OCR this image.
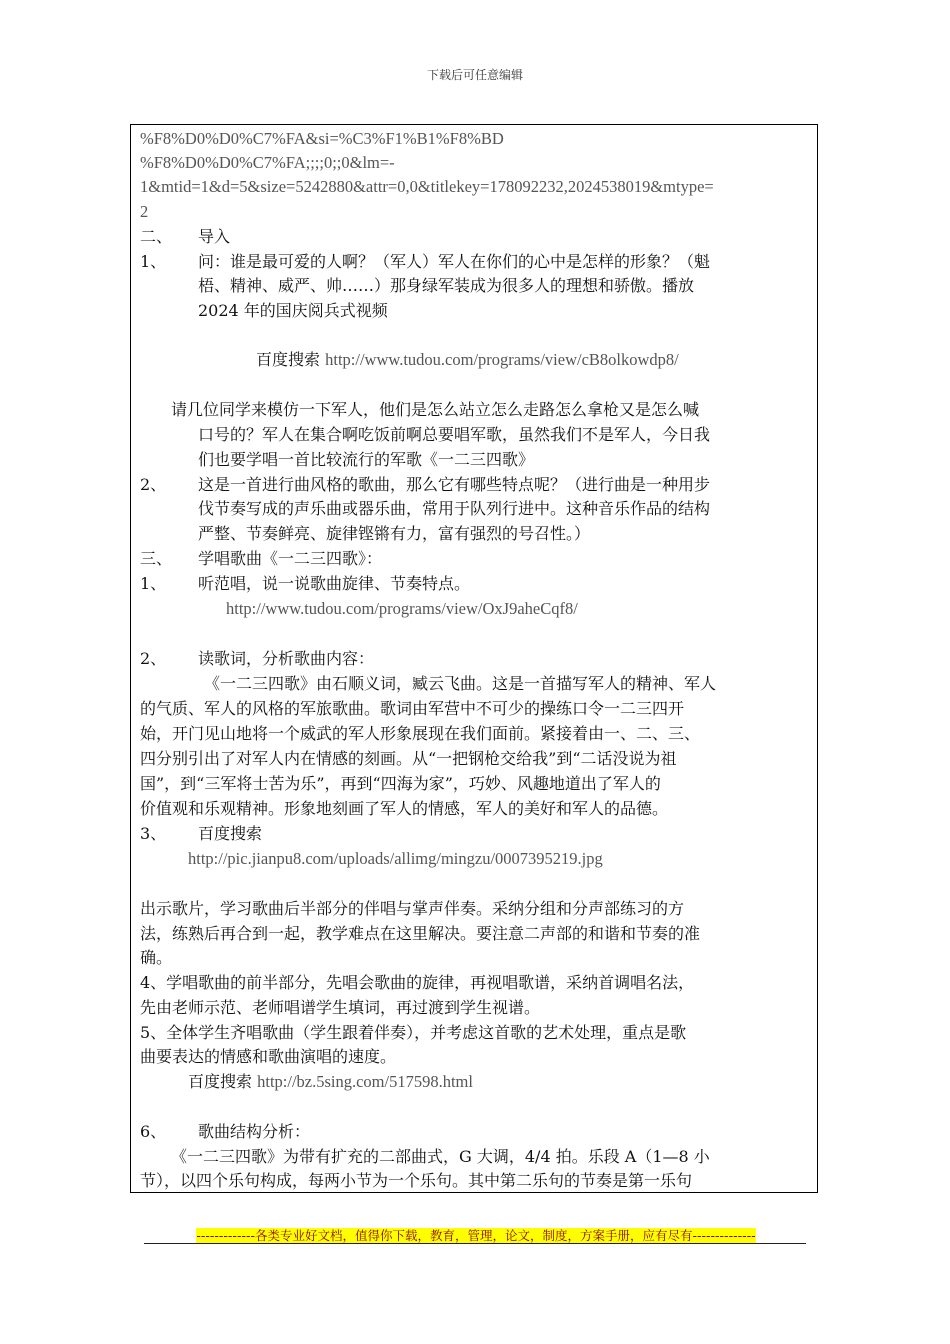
下载后可任意编辑
%F8%D0%D0%C7%FA&si=%C3%F1%B1%F8%BD
%F8%D0%D0%C7%FA;;;;0;;0&lm=-
1&mtid=1&d=5&size=5242880&attr=0,0&titlekey=178092232,2024538019&mtype=
2
二、 导入
1、 问：谁是最可爱的人啊？（军人）军人在你们的心中是怎样的形象？（魁
梧、精神、威严、帅……）那身绿军装成为很多人的理想和骄傲。播放
2024 年的国庆阅兵式视频
百度搜索 http://www.tudou.com/programs/view/cB8olkowdp8/
请几位同学来模仿一下军人，他们是怎么站立怎么走路怎么拿枪又是怎么喊
口号的？军人在集合啊吃饭前啊总要唱军歌，虽然我们不是军人，今日我
们也要学唱一首比较流行的军歌《一二三四歌》
2、 这是一首进行曲风格的歌曲，那么它有哪些特点呢？（进行曲是一种用步
伐节奏写成的声乐曲或器乐曲，常用于队列行进中。这种音乐作品的结构
严整、节奏鲜亮、旋律铿锵有力，富有强烈的号召性。）
三、 学唱歌曲《一二三四歌》：
1、 听范唱，说一说歌曲旋律、节奏特点。
http://www.tudou.com/programs/view/OxJ9aheCqf8/
2、 读歌词，分析歌曲内容：
《一二三四歌》由石顺义词，臧云飞曲。这是一首描写军人的精神、军人
的气质、军人的风格的军旅歌曲。歌词由军营中不可少的操练口令一二三四开
始，开门见山地将一个威武的军人形象展现在我们面前。紧接着由一、二、三、
四分别引出了对军人内在情感的刻画。从“一把钢枪交给我”到“二话没说为祖
国”，到“三军将士苦为乐”，再到“四海为家”，巧妙、风趣地道出了军人的
价值观和乐观精神。形象地刻画了军人的情感，军人的美好和军人的品德。
3、 百度搜索
http://pic.jianpu8.com/uploads/allimg/mingzu/0007395219.jpg
出示歌片，学习歌曲后半部分的伴唱与掌声伴奏。采纳分组和分声部练习的方
法，练熟后再合到一起，教学难点在这里解决。要注意二声部的和谐和节奏的准
确。
4、学唱歌曲的前半部分，先唱会歌曲的旋律，再视唱歌谱，采纳首调唱名法，
先由老师示范、老师唱谱学生填词，再过渡到学生视谱。
5、全体学生齐唱歌曲（学生跟着伴奏），并考虑这首歌的艺术处理，重点是歌
曲要表达的情感和歌曲演唱的速度。
百度搜索 http://bz.5sing.com/517598.html
6、 歌曲结构分析：
《一二三四歌》为带有扩充的二部曲式，G 大调，4/4 拍。乐段 A（1—8 小
节），以四个乐句构成，每两小节为一个乐句。其中第二乐句的节奏是第一乐句
-------------各类专业好文档，值得你下载，教育，管理，论文，制度，方案手册，应有尽有--------------
